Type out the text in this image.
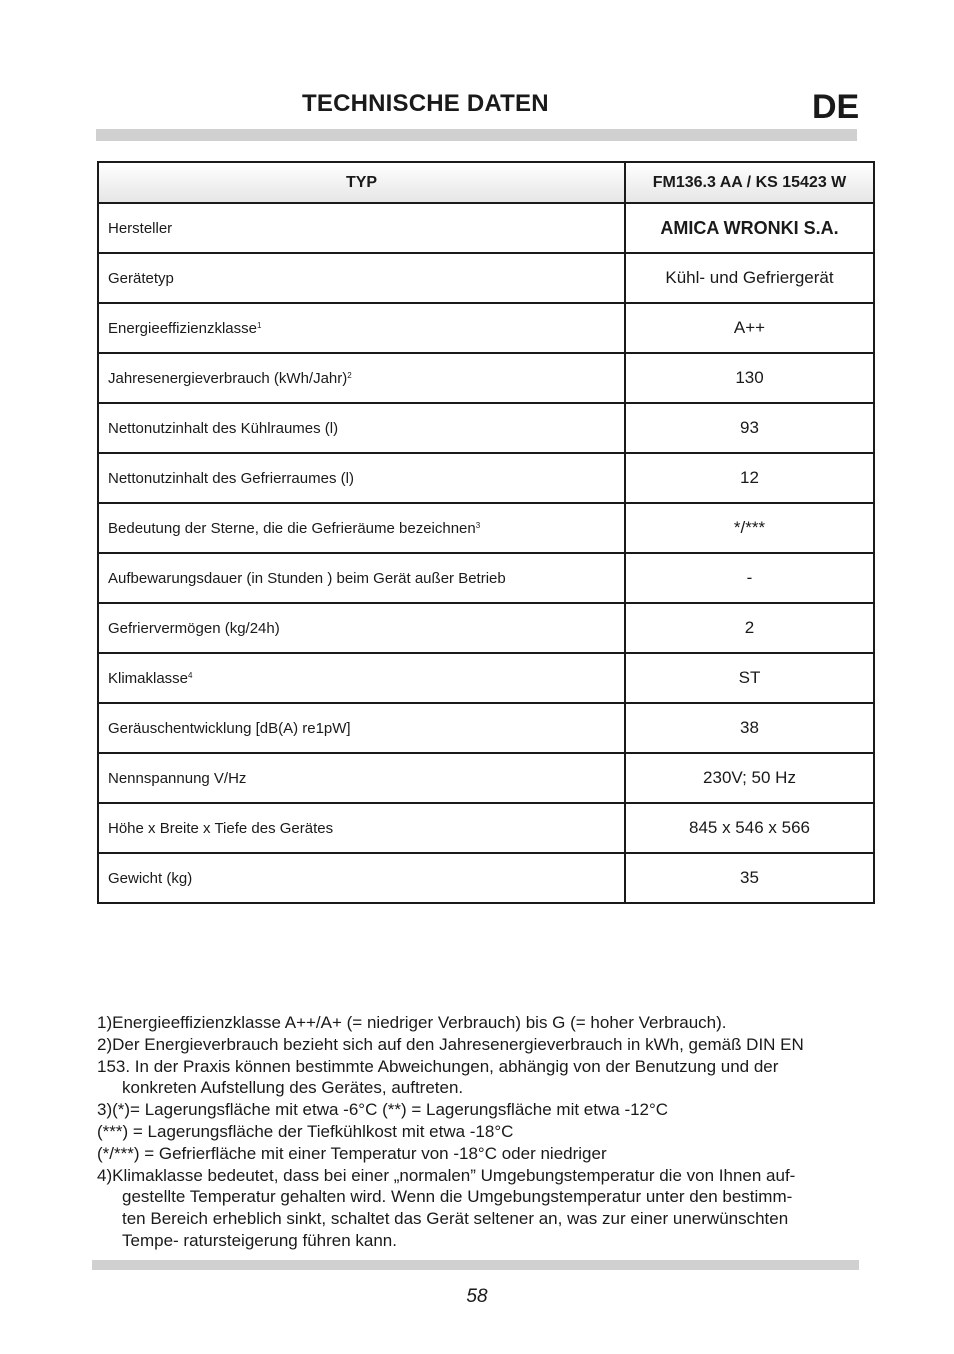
TECHNISCHE DATEN	DE
TYP	FM136.3 AA / KS 15423 W
Hersteller	AMICA WRONKI S.A.
Gerätetyp	Kühl- und Gefriergerät
Energieeffizienzklasse$^1$	A++
Jahresenergieverbrauch (kWh/Jahr)$^2$	130
Nettonutzinhalt des Kühlraumes (l)	93
Nettonutzinhalt des Gefrierraumes (l)	12
Bedeutung der Sterne, die die Gefrieräume bezeichnen$^3$	*/***
Aufbewarungsdauer (in Stunden ) beim Gerät außer Betrieb	-
Gefriervermögen (kg/24h)	2
Klimaklasse$^4$	ST
Geräuschentwicklung [dB(A) re1pW]	38
Nennspannung V/Hz	230V; 50 Hz
Höhe x Breite x Tiefe des Gerätes	845 x 546 x 566
Gewicht (kg)	35

1)Energieeffizienzklasse A++/A+ (= niedriger Verbrauch) bis G (= hoher Verbrauch).

2)Der Energieverbrauch bezieht sich auf den Jahresenergieverbrauch in kWh, gemäß DIN EN

153. In der Praxis können bestimmte Abweichungen, abhängig von der Benutzung und der

konkreten Aufstellung des Gerätes, auftreten.

3)(*)= Lagerungsfläche mit etwa -6°C (**) = Lagerungsfläche mit etwa -12°C

(***) = Lagerungsfläche der Tiefkühlkost mit etwa -18°C

(*/***) = Gefrierfläche mit einer Temperatur von -18°C oder niedriger

4)Klimaklasse bedeutet, dass bei einer „normalen” Umgebungstemperatur die von Ihnen auf-

gestellte Temperatur gehalten wird. Wenn die Umgebungstemperatur unter den bestimm-

ten Bereich erheblich sinkt, schaltet das Gerät seltener an, was zur einer unerwünschten

Tempe- ratursteigerung führen kann.

58
